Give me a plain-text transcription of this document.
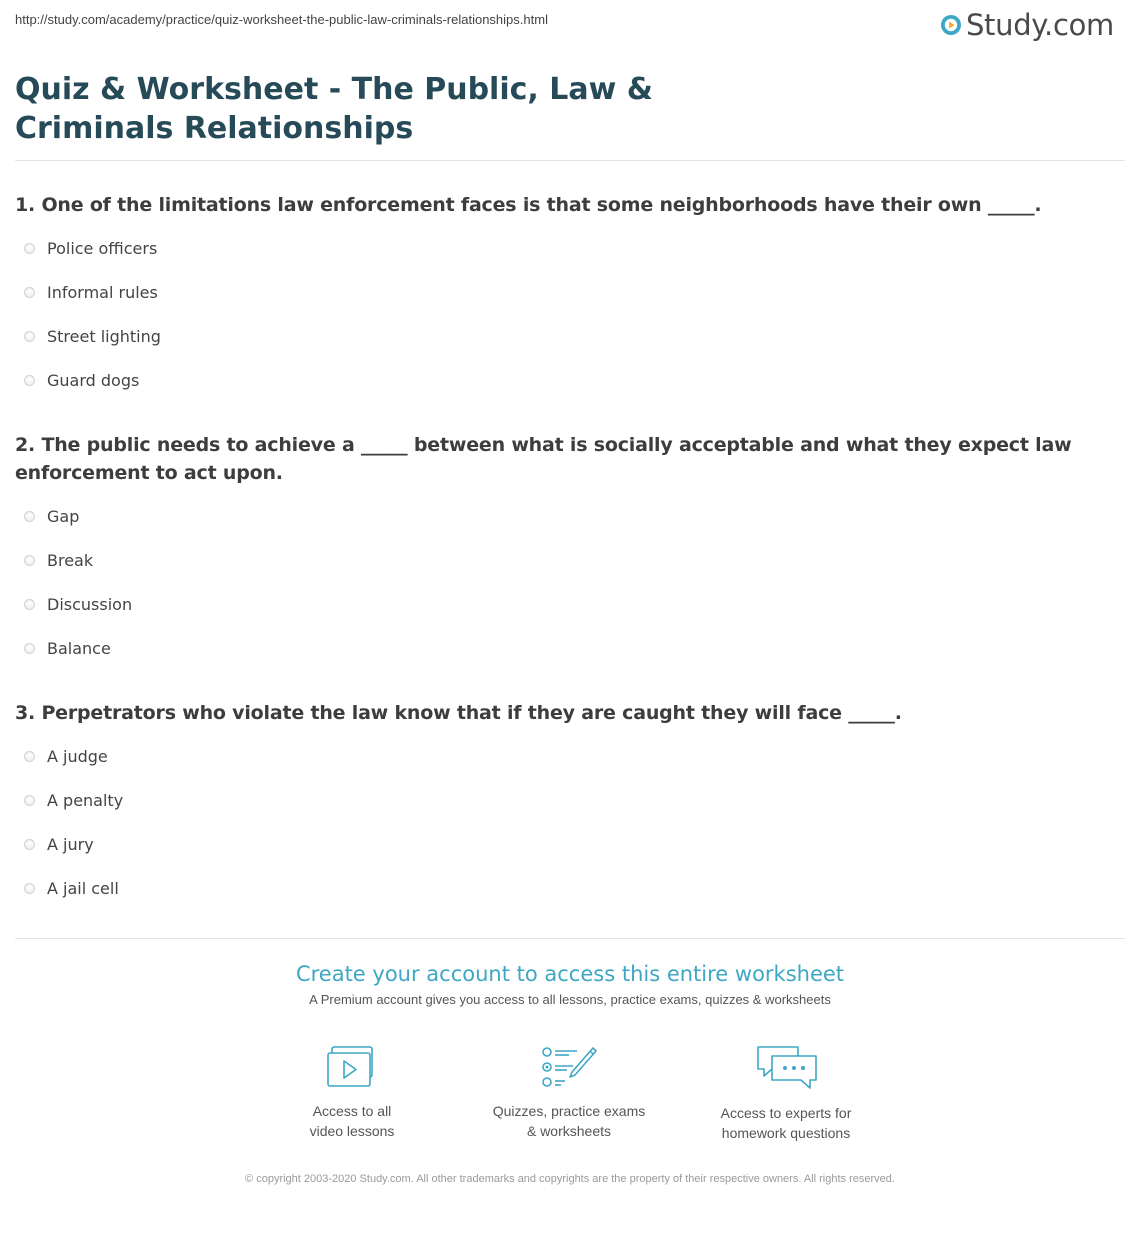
http://study.com/academy/practice/quiz-worksheet-the-public-law-criminals-relationships.html	Study.com
Quiz & Worksheet - The Public, Law & Criminals Relationships
1. One of the limitations law enforcement faces is that some neighborhoods have their own _____.
Police officers
Informal rules
Street lighting
Guard dogs
2. The public needs to achieve a _____ between what is socially acceptable and what they expect law enforcement to act upon.
Gap
Break
Discussion
Balance
3. Perpetrators who violate the law know that if they are caught they will face _____.
A judge
A penalty
A jury
A jail cell
Create your account to access this entire worksheet
A Premium account gives you access to all lessons, practice exams, quizzes & worksheets
Access to all
video lessons
Quizzes, practice exams
& worksheets
Access to experts for
homework questions
© copyright 2003-2020 Study.com. All other trademarks and copyrights are the property of their respective owners. All rights reserved.
